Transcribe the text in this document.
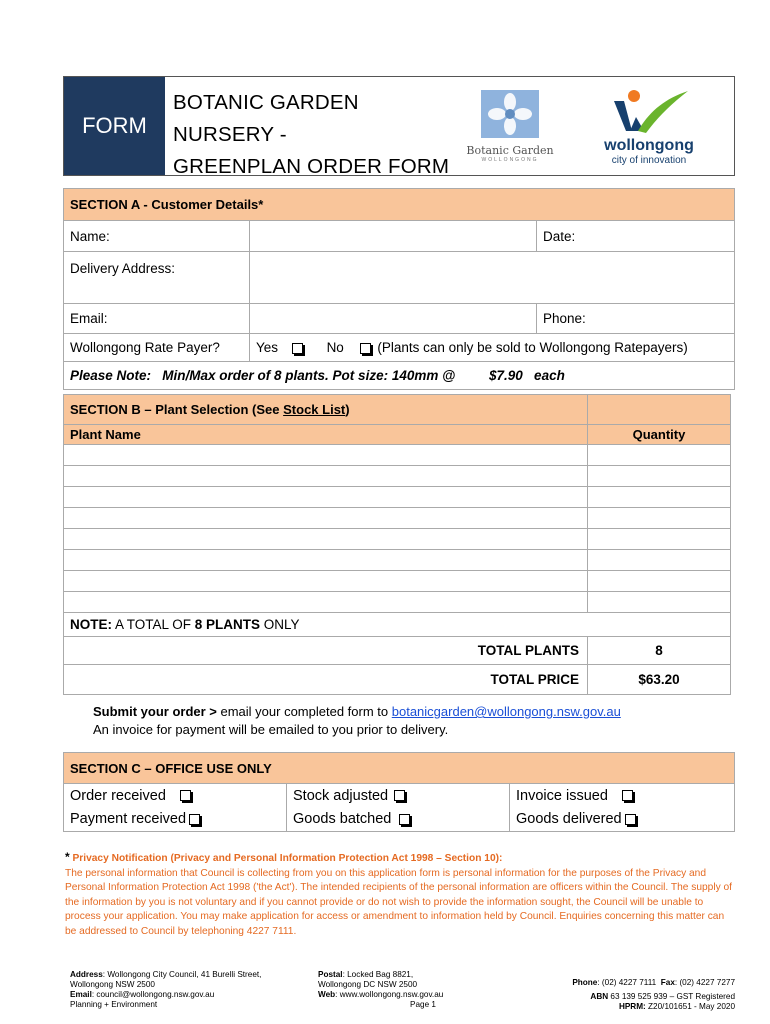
FORM
BOTANIC GARDEN NURSERY -
GREENPLAN ORDER FORM
Botanic Garden
WOLLONGONG
wollongong
city of innovation
SECTION A - Customer Details*		
Name:		Date:
Delivery Address:		
Email:		Phone:
Wollongong Rate Payer?	Yes No (Plants can only be sold to Wollongong Ratepayers)	
Please Note:   Min/Max order of 8 plants. Pot size: 140mm @         $7.90   each		
SECTION B – Plant Selection (See Stock List)	
Plant Name	Quantity

NOTE: A TOTAL OF 8 PLANTS ONLY	
TOTAL PLANTS	8
TOTAL PRICE	$63.20
Submit your order > email your completed form to botanicgarden@wollongong.nsw.gov.au
An invoice for payment will be emailed to you prior to delivery.
SECTION C – OFFICE USE ONLY		
Order received	Stock adjusted	Invoice issued
Payment received	Goods batched	Goods delivered
* Privacy Notification (Privacy and Personal Information Protection Act 1998 – Section 10):
The personal information that Council is collecting from you on this application form is personal information for the purposes of the Privacy and Personal Information Protection Act 1998 ('the Act'). The intended recipients of the personal information are officers within the Council. The supply of the information by you is not voluntary and if you cannot provide or do not wish to provide the information sought, the Council will be unable to process your application. You may make application for access or amendment to information held by Council. Enquiries concerning this matter can be addressed to Council by telephoning 4227 7111.
Address: Wollongong City Council, 41 Burelli Street,
Wollongong NSW 2500
Email: council@wollongong.nsw.gov.au
Planning + Environment
Postal: Locked Bag 8821,
Wollongong DC NSW 2500
Web: www.wollongong.nsw.gov.au
Page 1
Phone: (02) 4227 7111 Fax: (02) 4227 7277
ABN 63 139 525 939 – GST Registered
HPRM: Z20/101651 - May 2020
